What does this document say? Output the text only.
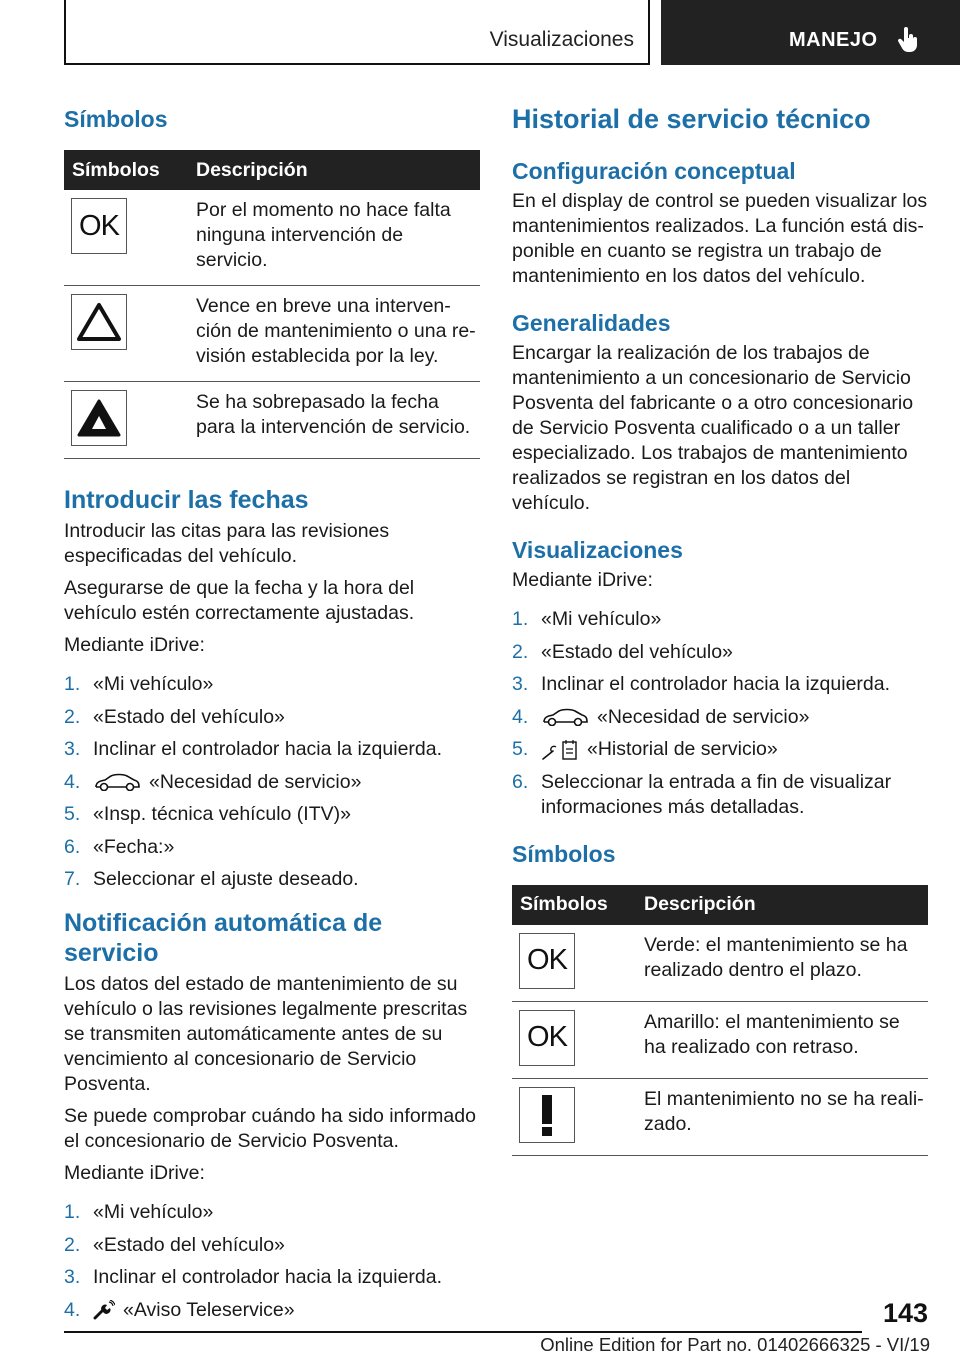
Visualizaciones	MANEJO
Símbolos
Símbolos	Descripción

OK	Por el momento no hace falta ninguna intervención de servicio.

	Vence en breve una intervención de mantenimiento o una revisión establecida por la ley.

	Se ha sobrepasado la fecha para la intervención de servicio.
Introducir las fechas

Introducir las citas para las revisiones especificadas del vehículo.

Asegurarse de que la fecha y la hora del vehículo estén correctamente ajustadas.

Mediante iDrive:

1. «Mi vehículo»
2. «Estado del vehículo»
3. Inclinar el controlador hacia la izquierda.
4.	«Necesidad de servicio»
5. «Insp. técnica vehículo (ITV)»
6. «Fecha:»
7. Seleccionar el ajuste deseado.
Notificación automática de servicio

Los datos del estado de mantenimiento de su vehículo o las revisiones legalmente prescritas se transmiten automáticamente antes de su vencimiento al concesionario de Servicio Posventa.

Se puede comprobar cuándo ha sido informado el concesionario de Servicio Posventa.

Mediante iDrive:

1. «Mi vehículo»
2. «Estado del vehículo»
3. Inclinar el controlador hacia la izquierda.
4. «Aviso Teleservice»
Historial de servicio técnico
Configuración conceptual

En el display de control se pueden visualizar los mantenimientos realizados. La función está disponible en cuanto se registra un trabajo de mantenimiento en los datos del vehículo.

Generalidades

Encargar la realización de los trabajos de mantenimiento a un concesionario de Servicio Posventa del fabricante o a otro concesionario de Servicio Posventa cualificado o a un taller especializado. Los trabajos de mantenimiento realizados se registran en los datos del vehículo.

Visualizaciones

Mediante iDrive:

1. «Mi vehículo»
2. «Estado del vehículo»
3. Inclinar el controlador hacia la izquierda.
4.	«Necesidad de servicio»
5.	«Historial de servicio»
6. Seleccionar la entrada a fin de visualizar informaciones más detalladas.
Símbolos
Símbolos	Descripción

OK	Verde: el mantenimiento se ha realizado dentro el plazo.

OK	Amarillo: el mantenimiento se ha realizado con retraso.

	El mantenimiento no se ha realizado.
143
Online Edition for Part no. 01402666325 - VI/19
